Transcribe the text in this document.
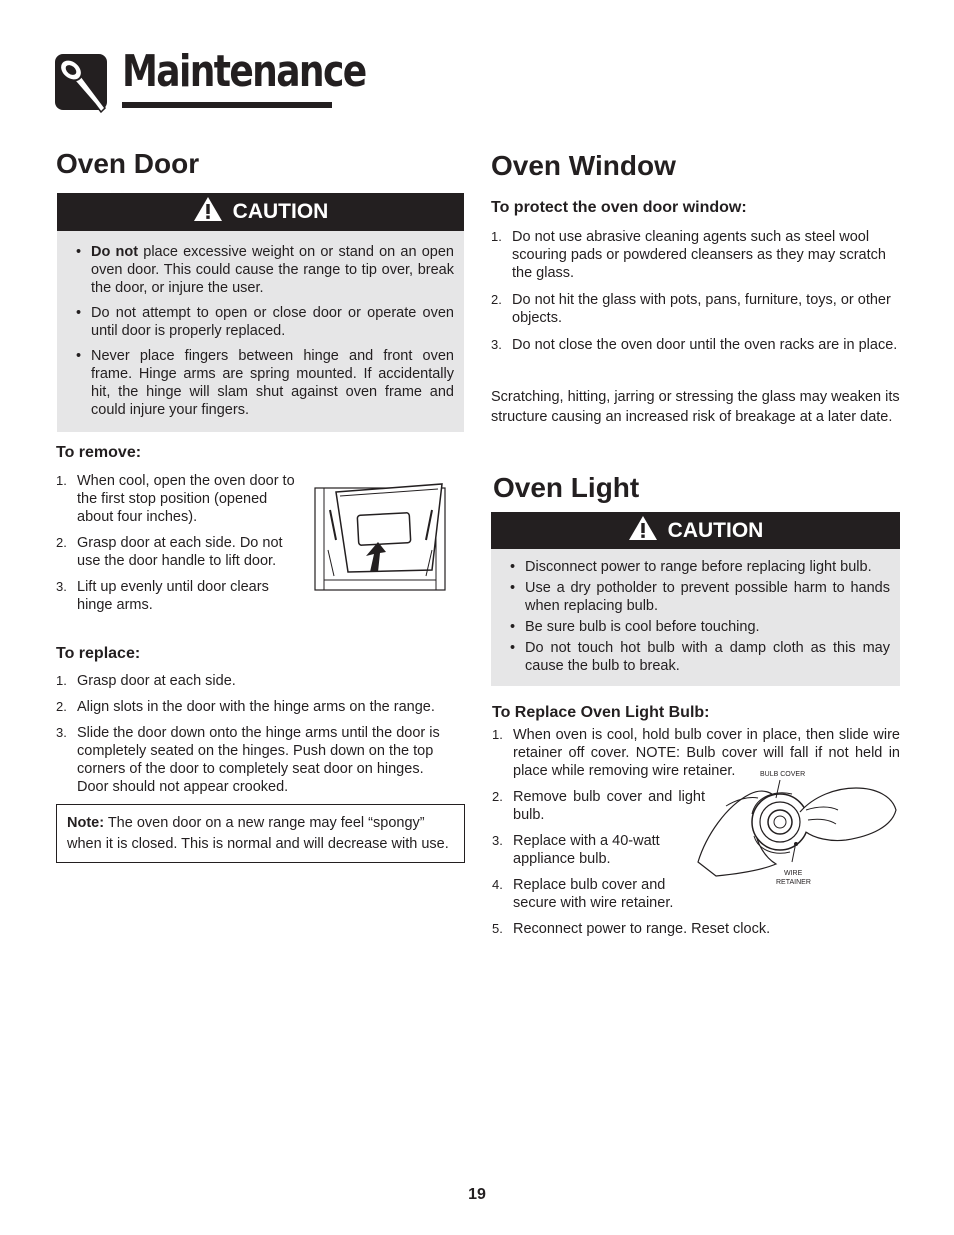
Maintenance
Oven Door
CAUTION
• Do not place excessive weight on or stand on an open oven door. This could cause the range to tip over, break the door, or injure the user.
• Do not attempt to open or close door or operate oven until door is properly replaced.
• Never place fingers between hinge and front oven frame. Hinge arms are spring mounted. If accidentally hit, the hinge will slam shut against oven frame and could injure your fingers.
To remove:
1. When cool, open the oven door to the first stop position (opened about four inches).
2. Grasp door at each side. Do not use the door handle to lift door.
3. Lift up evenly until door clears hinge arms.
To replace:
1. Grasp door at each side.
2. Align slots in the door with the hinge arms on the range.
3. Slide the door down onto the hinge arms until the door is completely seated on the hinges. Push down on the top corners of the door to completely seat door on hinges. Door should not appear crooked.
Note: The oven door on a new range may feel “spongy” when it is closed. This is normal and will decrease with use.
Oven Window
To protect the oven door window:
1. Do not use abrasive cleaning agents such as steel wool scouring pads or powdered cleansers as they may scratch the glass.
2. Do not hit the glass with pots, pans, furniture, toys, or other objects.
3. Do not close the oven door until the oven racks are in place.

Scratching, hitting, jarring or stressing the glass may weaken its structure causing an increased risk of breakage at a later date.

Oven Light
CAUTION
• Disconnect power to range before replacing light bulb.
• Use a dry potholder to prevent possible harm to hands when replacing bulb.
• Be sure bulb is cool before touching.
• Do not touch hot bulb with a damp cloth as this may cause the bulb to break.
To Replace Oven Light Bulb:
1. When oven is cool, hold bulb cover in place, then slide wire retainer off cover. NOTE: Bulb cover will fall if not held in place while removing wire retainer.
2. Remove bulb cover and light bulb.
3. Replace with a 40-watt appliance bulb.
4. Replace bulb cover and secure with wire retainer.
5. Reconnect power to range. Reset clock.
BULB COVER
WIRE
RETAINER
19
